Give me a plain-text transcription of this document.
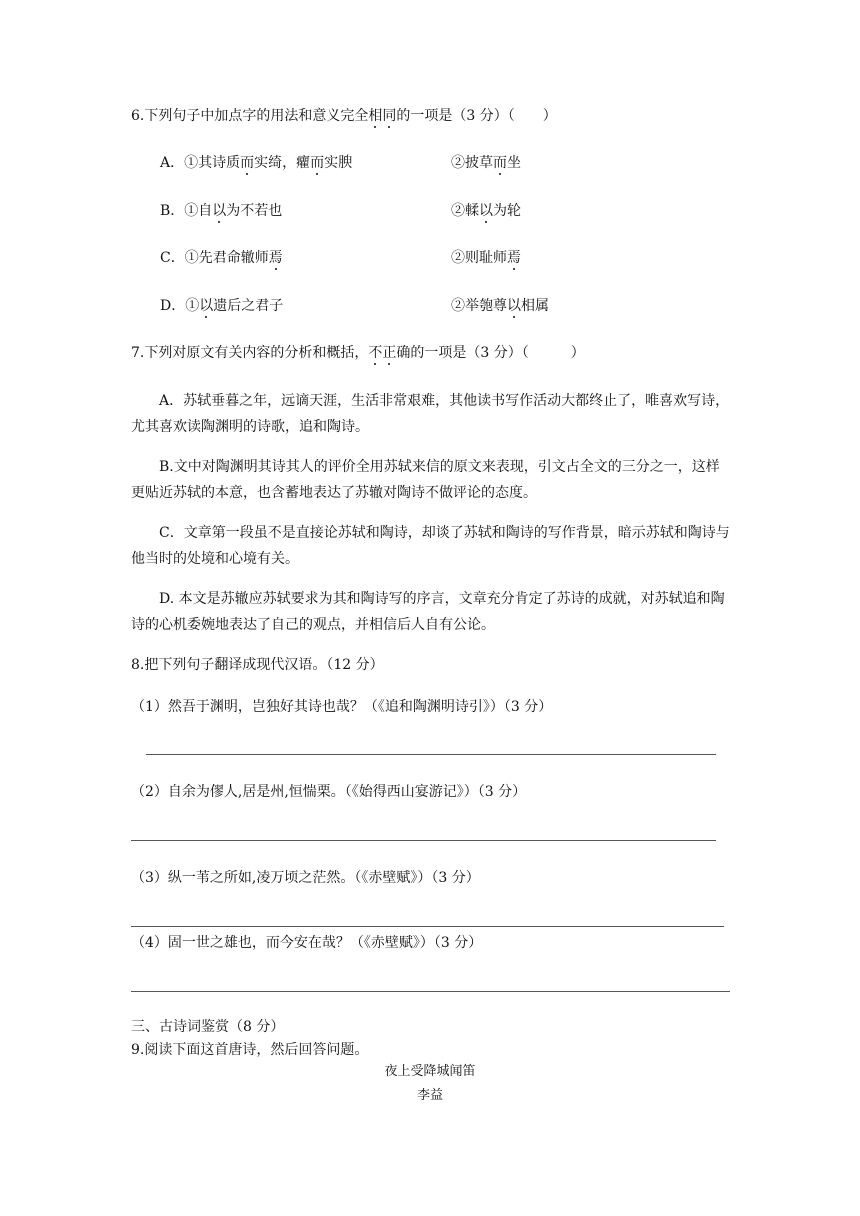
6.下列句子中加点字的用法和意义完全相同的一项是（3 分）（　　）
A．①其诗质而实绮，癯而实腴	②披草而坐
B．①自以为不若也	②輮以为轮
C．①先君命辙师焉	②则耻师焉
D．①以遗后之君子	②举匏尊以相属
7.下列对原文有关内容的分析和概括，不正确的一项是（3 分）（　　　）
A．苏轼垂暮之年，远谪天涯，生活非常艰难，其他读书写作活动大都终止了，唯喜欢写诗，尤其喜欢读陶渊明的诗歌，追和陶诗。
B.文中对陶渊明其诗其人的评价全用苏轼来信的原文来表现，引文占全文的三分之一，这样更贴近苏轼的本意，也含蓄地表达了苏辙对陶诗不做评论的态度。
C．文章第一段虽不是直接论苏轼和陶诗，却谈了苏轼和陶诗的写作背景，暗示苏轼和陶诗与他当时的处境和心境有关。
D. 本文是苏辙应苏轼要求为其和陶诗写的序言，文章充分肯定了苏诗的成就，对苏轼追和陶诗的心机委婉地表达了自己的观点，并相信后人自有公论。
8.把下列句子翻译成现代汉语。（12 分）
（1）然吾于渊明，岂独好其诗也哉？（《追和陶渊明诗引》）（3 分）
（2）自余为僇人,居是州,恒惴栗。（《始得西山宴游记》）（3 分）
（3）纵一苇之所如,凌万顷之茫然。（《赤壁赋》）（3 分）
（4）固一世之雄也，而今安在哉？（《赤壁赋》）（3 分）
三、古诗词鉴赏（8 分）
9.阅读下面这首唐诗，然后回答问题。
夜上受降城闻笛
李益
